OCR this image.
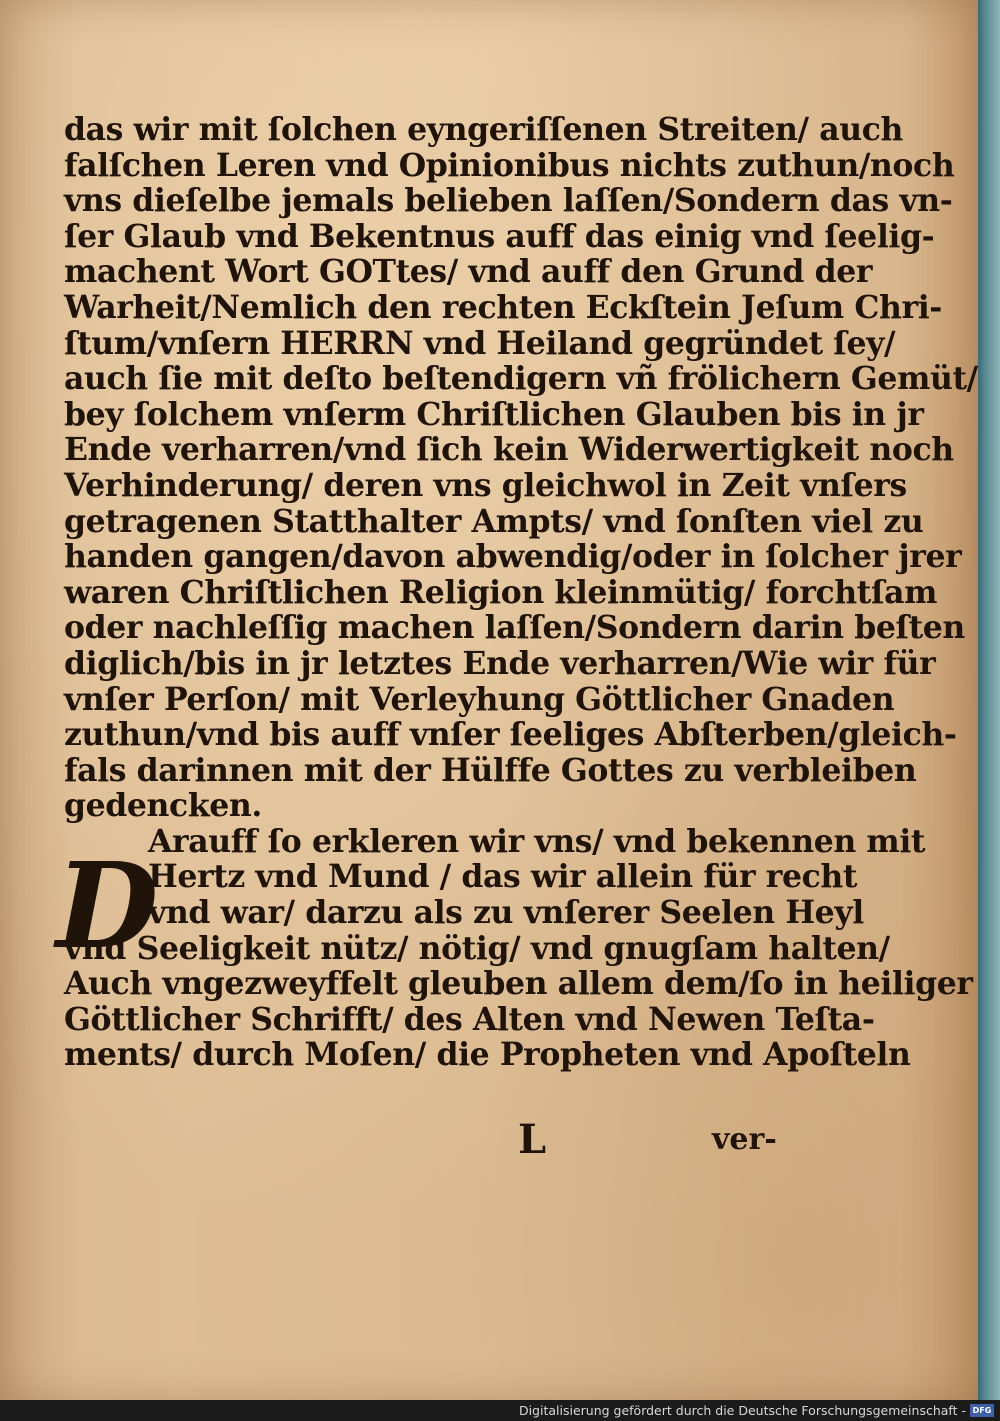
das wir mit ſolchen eyngeriſſenen Streiten/ auch
falſchen Leren vnd Opinionibus nichts zuthun/noch
vns dieſelbe jemals belieben laſſen/Sondern das vn-
ſer Glaub vnd Bekentnus auff das einig vnd ſeelig-
machent Wort GOTtes/ vnd auff den Grund der
Warheit/Nemlich den rechten Eckſtein Jeſum Chri-
ſtum/vnſern HERRN vnd Heiland gegründet ſey/
auch ſie mit deſto beſtendigern vñ frölichern Gemüt/
bey ſolchem vnſerm Chriſtlichen Glauben bis in jr
Ende verharren/vnd ſich kein Widerwertigkeit noch
Verhinderung/ deren vns gleichwol in Zeit vnſers
getragenen Statthalter Ampts/ vnd ſonſten viel zu
handen gangen/davon abwendig/oder in ſolcher jrer
waren Chriſtlichen Religion kleinmütig/ forchtſam
oder nachleſſig machen laſſen/Sondern darin beſten
diglich/bis in jr letztes Ende verharren/Wie wir für
vnſer Perſon/ mit Verleyhung Göttlicher Gnaden
zuthun/vnd bis auff vnſer ſeeliges Abſterben/gleich-
fals darinnen mit der Hülffe Gottes zu verbleiben
gedencken.
Arauff ſo erkleren wir vns/ vnd bekennen mit
Hertz vnd Mund / das wir allein für recht
vnd war/ darzu als zu vnſerer Seelen Heyl
vnd Seeligkeit nütz/ nötig/ vnd gnugſam halten/
Auch vngezweyffelt gleuben allem dem/ſo in heiliger
Göttlicher Schrifft/ des Alten vnd Newen Teſta-
ments/ durch Moſen/ die Propheten vnd Apoſteln
D
L	ver-
Digitalisierung gefördert durch die Deutsche Forschungsgemeinschaft - DFG
